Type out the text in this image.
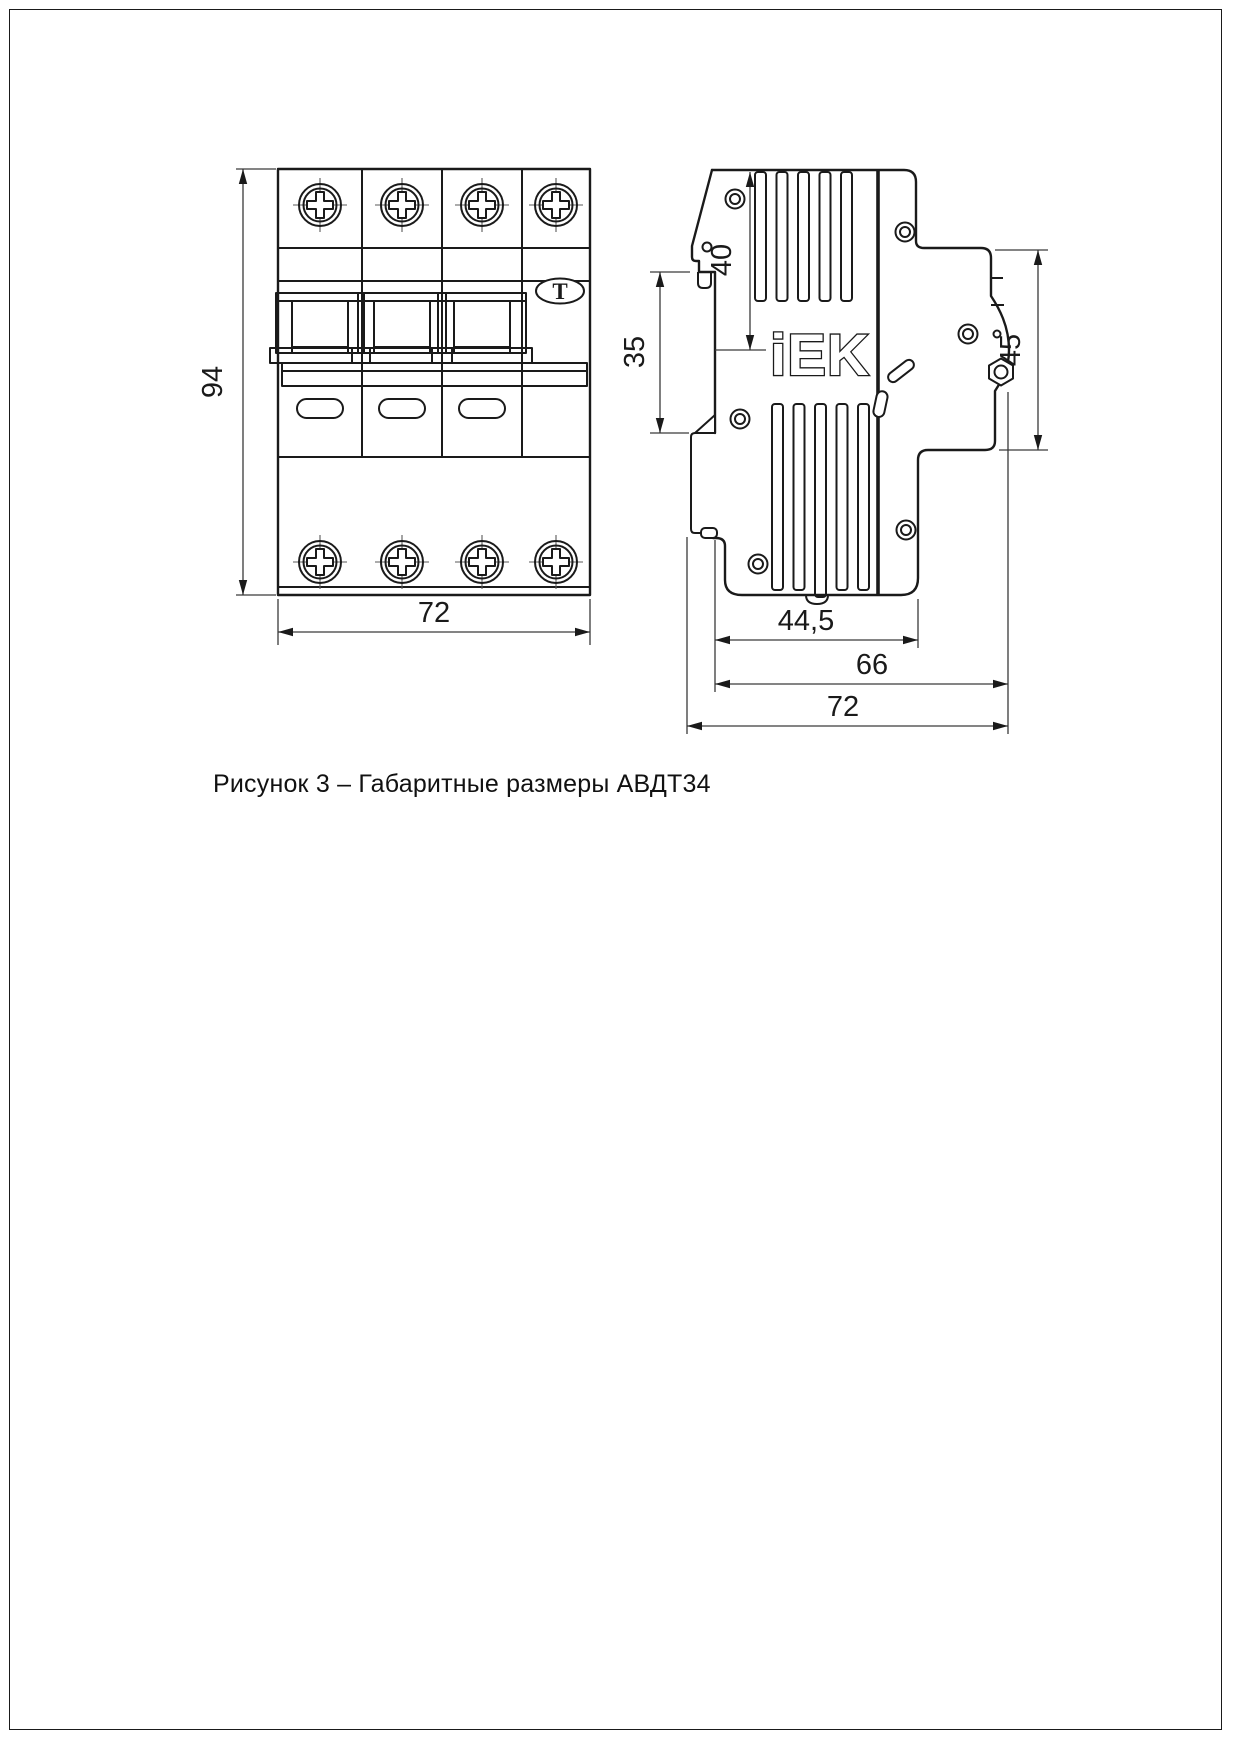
Т
iEK
94
72
40
35	45
44,5
66
72
Рисунок 3 – Габаритные размеры АВДТ34
